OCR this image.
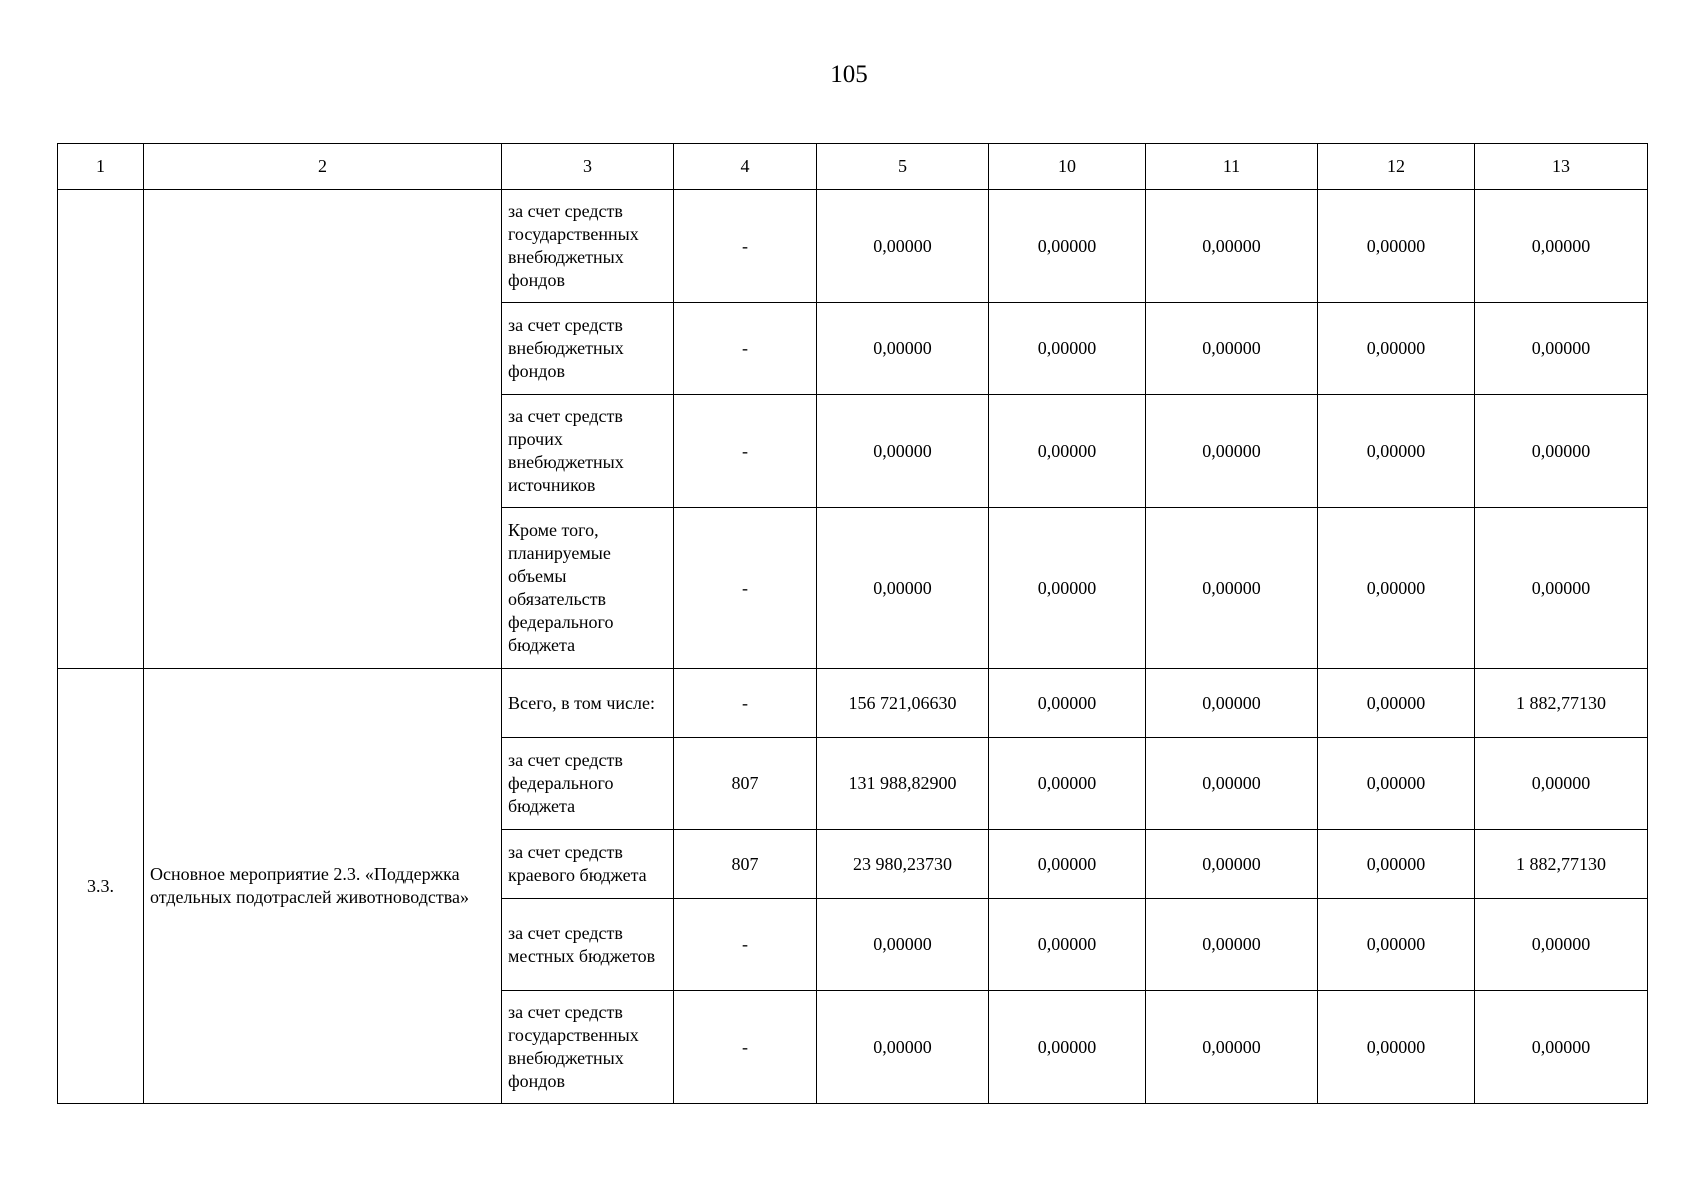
105
1	2	3	4	5	10	11	12	13
		за счет средств государственных внебюджетных фондов	-	0,00000	0,00000	0,00000	0,00000	0,00000
		за счет средств внебюджетных фондов	-	0,00000	0,00000	0,00000	0,00000	0,00000
		за счет средств прочих внебюджетных источников	-	0,00000	0,00000	0,00000	0,00000	0,00000
		Кроме того, планируемые объемы обязательств федерального бюджета	-	0,00000	0,00000	0,00000	0,00000	0,00000
3.3.	Основное мероприятие 2.3. «Поддержка отдельных подотраслей животноводства»	Всего, в том числе:	-	156 721,06630	0,00000	0,00000	0,00000	1 882,77130
		за счет средств федерального бюджета	807	131 988,82900	0,00000	0,00000	0,00000	0,00000
		за счет средств краевого бюджета	807	23 980,23730	0,00000	0,00000	0,00000	1 882,77130
		за счет средств местных бюджетов	-	0,00000	0,00000	0,00000	0,00000	0,00000
		за счет средств государственных внебюджетных фондов	-	0,00000	0,00000	0,00000	0,00000	0,00000
